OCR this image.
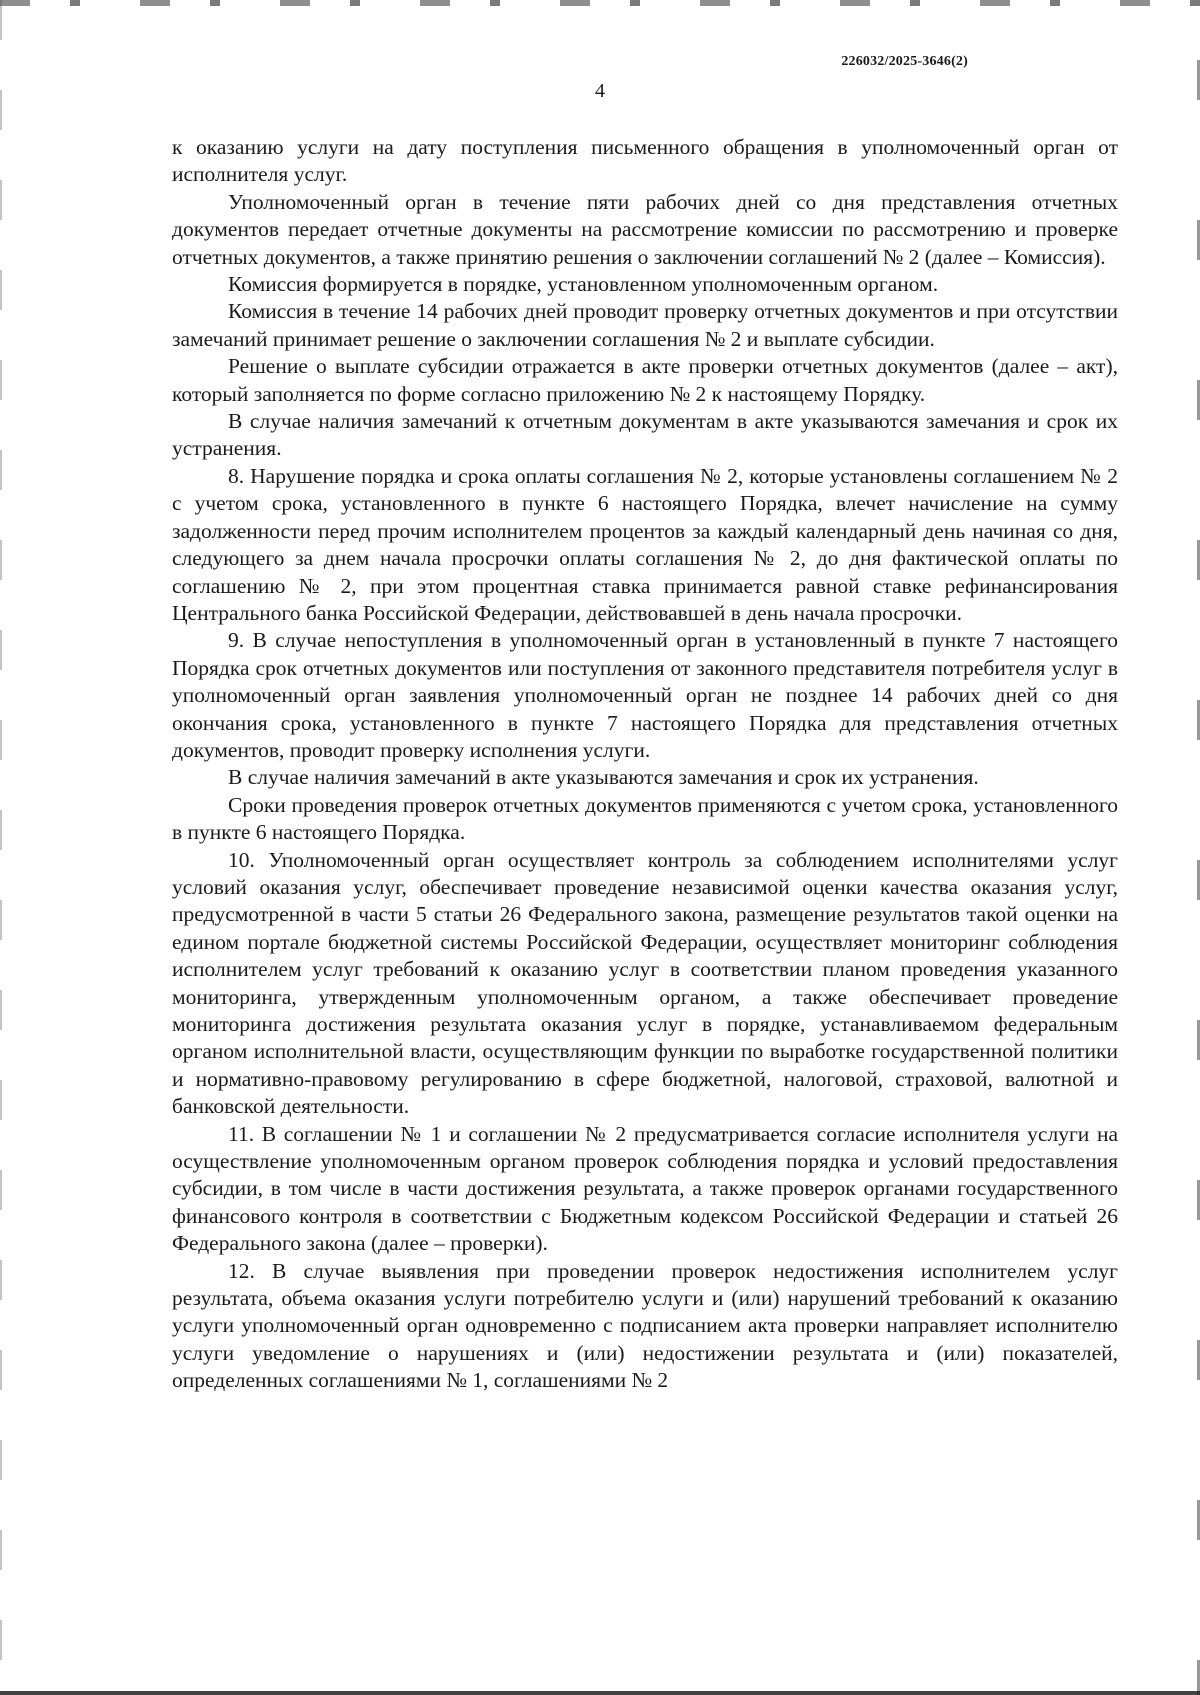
226032/2025-3646(2)
4

к оказанию услуги на дату поступления письменного обращения в уполномоченный орган от исполнителя услуг.

Уполномоченный орган в течение пяти рабочих дней со дня представления отчетных документов передает отчетные документы на рассмотрение комиссии по рассмотрению и проверке отчетных документов, а также принятию решения о заключении соглашений № 2 (далее – Комиссия).

Комиссия формируется в порядке, установленном уполномоченным органом.

Комиссия в течение 14 рабочих дней проводит проверку отчетных документов и при отсутствии замечаний принимает решение о заключении соглашения № 2 и выплате субсидии.

Решение о выплате субсидии отражается в акте проверки отчетных документов (далее – акт), который заполняется по форме согласно приложению № 2 к настоящему Порядку.

В случае наличия замечаний к отчетным документам в акте указываются замечания и срок их устранения.

8. Нарушение порядка и срока оплаты соглашения № 2, которые установлены соглашением № 2 с учетом срока, установленного в пункте 6 настоящего Порядка, влечет начисление на сумму задолженности перед прочим исполнителем процентов за каждый календарный день начиная со дня, следующего за днем начала просрочки оплаты соглашения № 2, до дня фактической оплаты по соглашению № 2, при этом процентная ставка принимается равной ставке рефинансирования Центрального банка Российской Федерации, действовавшей в день начала просрочки.

9. В случае непоступления в уполномоченный орган в установленный в пункте 7 настоящего Порядка срок отчетных документов или поступления от законного представителя потребителя услуг в уполномоченный орган заявления уполномоченный орган не позднее 14 рабочих дней со дня окончания срока, установленного в пункте 7 настоящего Порядка для представления отчетных документов, проводит проверку исполнения услуги.

В случае наличия замечаний в акте указываются замечания и срок их устранения.

Сроки проведения проверок отчетных документов применяются с учетом срока, установленного в пункте 6 настоящего Порядка.

10. Уполномоченный орган осуществляет контроль за соблюдением исполнителями услуг условий оказания услуг, обеспечивает проведение независимой оценки качества оказания услуг, предусмотренной в части 5 статьи 26 Федерального закона, размещение результатов такой оценки на едином портале бюджетной системы Российской Федерации, осуществляет мониторинг соблюдения исполнителем услуг требований к оказанию услуг в соответствии планом проведения указанного мониторинга, утвержденным уполномоченным органом, а также обеспечивает проведение мониторинга достижения результата оказания услуг в порядке, устанавливаемом федеральным органом исполнительной власти, осуществляющим функции по выработке государственной политики и нормативно-правовому регулированию в сфере бюджетной, налоговой, страховой, валютной и банковской деятельности.

11. В соглашении № 1 и соглашении № 2 предусматривается согласие исполнителя услуги на осуществление уполномоченным органом проверок соблюдения порядка и условий предоставления субсидии, в том числе в части достижения результата, а также проверок органами государственного финансового контроля в соответствии с Бюджетным кодексом Российской Федерации и статьей 26 Федерального закона (далее – проверки).

12. В случае выявления при проведении проверок недостижения исполнителем услуг результата, объема оказания услуги потребителю услуги и (или) нарушений требований к оказанию услуги уполномоченный орган одновременно с подписанием акта проверки направляет исполнителю услуги уведомление о нарушениях и (или) недостижении результата и (или) показателей, определенных соглашениями № 1, соглашениями № 2
